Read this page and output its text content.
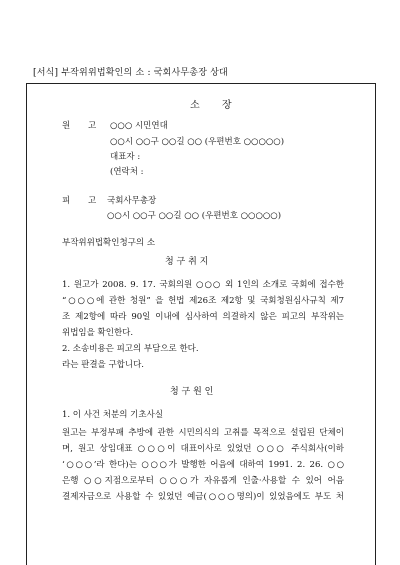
[서식] 부작위위법확인의 소 : 국회사무총장 상대
소 장
원 고 ○○○ 시민연대
○○시 ○○구 ○○길 ○○ (우편번호 ○○○○○)
대표자 :
(연락처 :
피 고 국회사무총장
○○시 ○○구 ○○길 ○○ (우편번호 ○○○○○)
부작위위법확인청구의 소
청 구 취 지
1. 원고가 2008. 9. 17. 국회의원 ○○○ 외 1인의 소개로 국회에 접수한
“○○○에 관한 청원” 을 헌법 제26조 제2항 및 국회청원심사규칙 제7
조 제2항에 따라 90일 이내에 심사하여 의결하지 않은 피고의 부작위는
위법임을 확인한다.
2. 소송비용은 피고의 부담으로 한다.
라는 판결을 구합니다.
청 구 원 인
1. 이 사건 처분의 기초사실
원고는 부정부패 추방에 관한 시민의식의 고취를 목적으로 설립된 단체이
며, 원고 상임대표 ○○○이 대표이사로 있었던 ○○○ 주식회사(이하
‘○○○’라 한다)는 ○○○가 발행한 어음에 대하여 1991. 2. 26. ○○
은행 ○○지점으로부터 ○○○가 자유롭게 인출·사용할 수 있어 어음
결제자금으로 사용할 수 있었던 예금(○○○명의)이 있었음에도 부도 처
